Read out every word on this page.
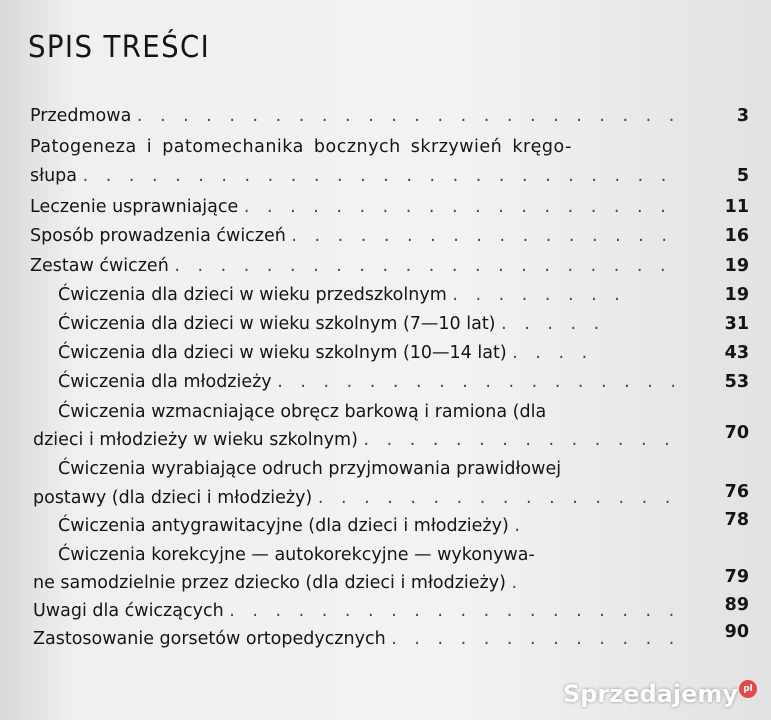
SPIS TREŚCI
Przedmowa . . . . . . . . . . . . . . . . . . . . . . . .	3
Patogeneza i patomechanika bocznych skrzywień kręgo-
słupa . . . . . . . . . . . . . . . . . . . . . . . . . .	5
Leczenie usprawniające . . . . . . . . . . . . . . . . . . .	11
Sposób prowadzenia ćwiczeń . . . . . . . . . . . . . . . . .	16
Zestaw ćwiczeń . . . . . . . . . . . . . . . . . . . . . .	19
Ćwiczenia dla dzieci w wieku przedszkolnym . . . . . . . .	19
Ćwiczenia dla dzieci w wieku szkolnym (7—10 lat) . . . . .	31
Ćwiczenia dla dzieci w wieku szkolnym (10—14 lat) . . . .	43
Ćwiczenia dla młodzieży . . . . . . . . . . . . . . . . . . 53
Ćwiczenia wzmacniające obręcz barkową i ramiona (dla
dzieci i młodzieży w wieku szkolnym) . . . . . . . . . . . . . .	70
Ćwiczenia wyrabiające odruch przyjmowania prawidłowej
postawy (dla dzieci i młodzieży) . . . . . . . . . . . . . . . .	76
Ćwiczenia antygrawitacyjne (dla dzieci i młodzieży) .	78
Ćwiczenia korekcyjne — autokorekcyjne — wykonywa-
ne samodzielnie przez dziecko (dla dzieci i młodzieży) .	79
Uwagi dla ćwiczących . . . . . . . . . . . . . . . . . . . .	89
Zastosowanie gorsetów ortopedycznych . . . . . . . . . . . . .	90
Sprzedajemy pl
